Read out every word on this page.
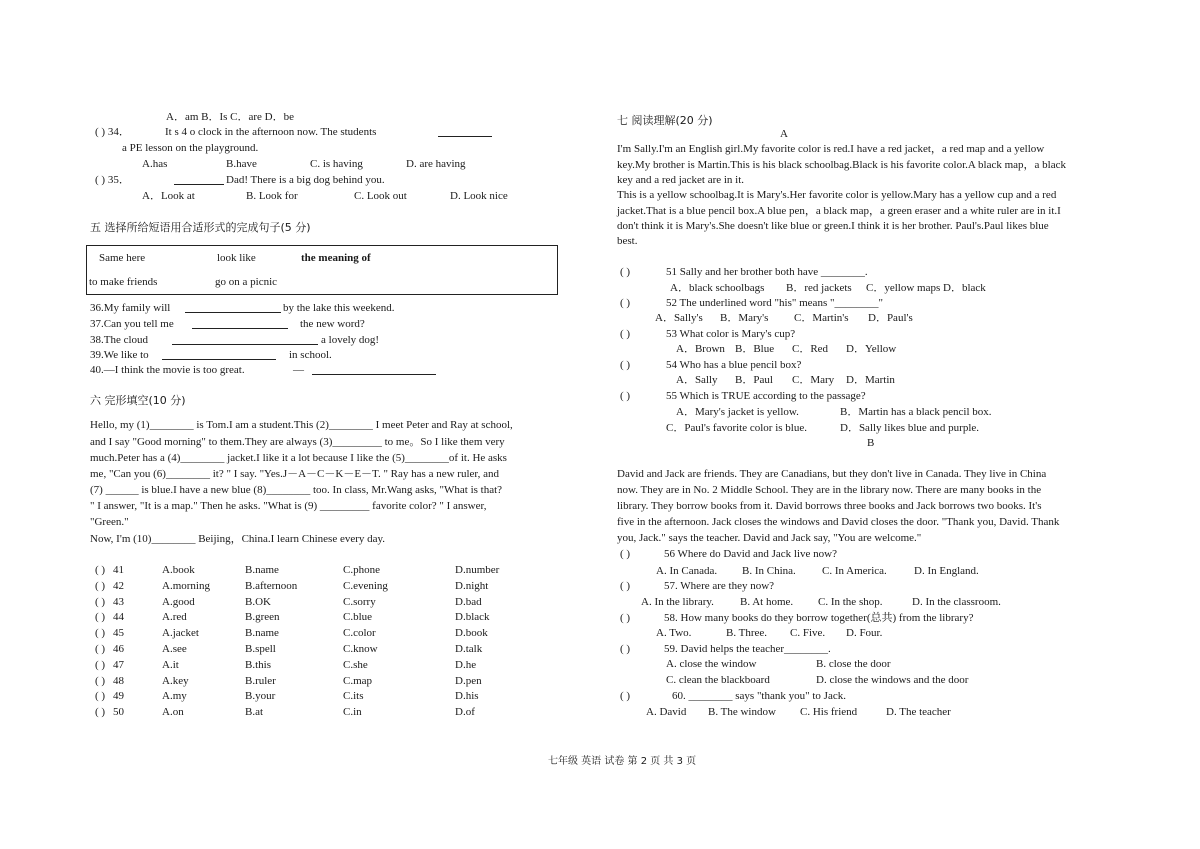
A．am B．Is C．are D．be
( ) 34．	It s 4 o clock in the afternoon now. The students
a PE lesson on the playground.
A.has	B.have	C. is having	D. are having
( ) 35．	Dad! There is a big dog behind you.
A．Look at	B. Look for	C. Look out	D. Look nice
五 选择所给短语用合适形式的完成句子(5 分)
Same here	look like	the meaning of
to make friends	go on a picnic
36.My family will	by the lake this weekend.
37.Can you tell me	the new word?
38.The cloud	a lovely dog!
39.We like to	in school.
40.—I think the movie is too great.	—
六 完形填空(10 分)
Hello, my (1)________ is Tom.I am a student.This (2)________ I meet Peter and Ray at school,
and I say "Good morning" to them.They are always (3)_________ to me。So I like them very
much.Peter has a (4)________ jacket.I like it a lot because I like the (5)________of it. He asks
me, "Can you (6)________ it? " I say. "Yes.J－A－C－K－E－T. " Ray has a new ruler, and
(7) ______ is blue.I have a new blue (8)________ too. In class, Mr.Wang asks, "What is that?
" I answer, "It is a map." Then he asks. "What is (9) _________ favorite color? " I answer,
"Green."
Now, I'm (10)________ Beijing，China.I learn Chinese every day.
( ) 41	A.book	B.name	C.phone	D.number
( ) 42	A.morning	B.afternoon	C.evening	D.night
( ) 43	A.good	B.OK	C.sorry	D.bad
( ) 44	A.red	B.green	C.blue	D.black
( ) 45	A.jacket	B.name	C.color	D.book
( ) 46	A.see	B.spell	C.know	D.talk
( ) 47	A.it	B.this	C.she	D.he
( ) 48	A.key	B.ruler	C.map	D.pen
( ) 49	A.my	B.your	C.its	D.his
( ) 50	A.on	B.at	C.in	D.of
七 阅读理解(20 分)
A
I'm Sally.I'm an English girl.My favorite color is red.I have a red jacket，a red map and a yellow
key.My brother is Martin.This is his black schoolbag.Black is his favorite color.A black map，a black
key and a red jacket are in it.
This is a yellow schoolbag.It is Mary's.Her favorite color is yellow.Mary has a yellow cup and a red
jacket.That is a blue pencil box.A blue pen，a black map，a green eraser and a white ruler are in it.I
don't think it is Mary's.She doesn't like blue or green.I think it is her brother. Paul's.Paul likes blue
best.
( )	51 Sally and her brother both have ________.
A．black schoolbags B．red jackets C．yellow maps D．black
( )	52 The underlined word "his" means "________"
A．Sally's B．Mary's C．Martin's D．Paul's
( )	53 What color is Mary's cup?
A．Brown B．Blue C．Red D．Yellow
( )	54 Who has a blue pencil box?
A．Sally B．Paul C．Mary D．Martin
( )	55 Which is TRUE according to the passage?
A．Mary's jacket is yellow.	B．Martin has a black pencil box.
C．Paul's favorite color is blue.	D．Sally likes blue and purple.
B
David and Jack are friends. They are Canadians, but they don't live in Canada. They live in China
now. They are in No. 2 Middle School. They are in the library now. There are many books in the
library. They borrow books from it. David borrows three books and Jack borrows two books. It's
five in the afternoon. Jack closes the windows and David closes the door. "Thank you, David. Thank
you, Jack." says the teacher. David and Jack say, "You are welcome."
( )	56 Where do David and Jack live now?
A. In Canada. B. In China. C. In America. D. In England.
( )	57. Where are they now?
A. In the library. B. At home. C. In the shop.	D. In the classroom.
( )	58. How many books do they borrow together(总共) from the library?
A. Two.	B. Three. C. Five. D. Four.
( )	59. David helps the teacher________.
A. close the window	B. close the door
C. clean the blackboard	D. close the windows and the door
( )	60. ________ says "thank you" to Jack.
A. David B. The window C. His friend	D. The teacher
七年级 英语 试卷 第 2 页 共 3 页
